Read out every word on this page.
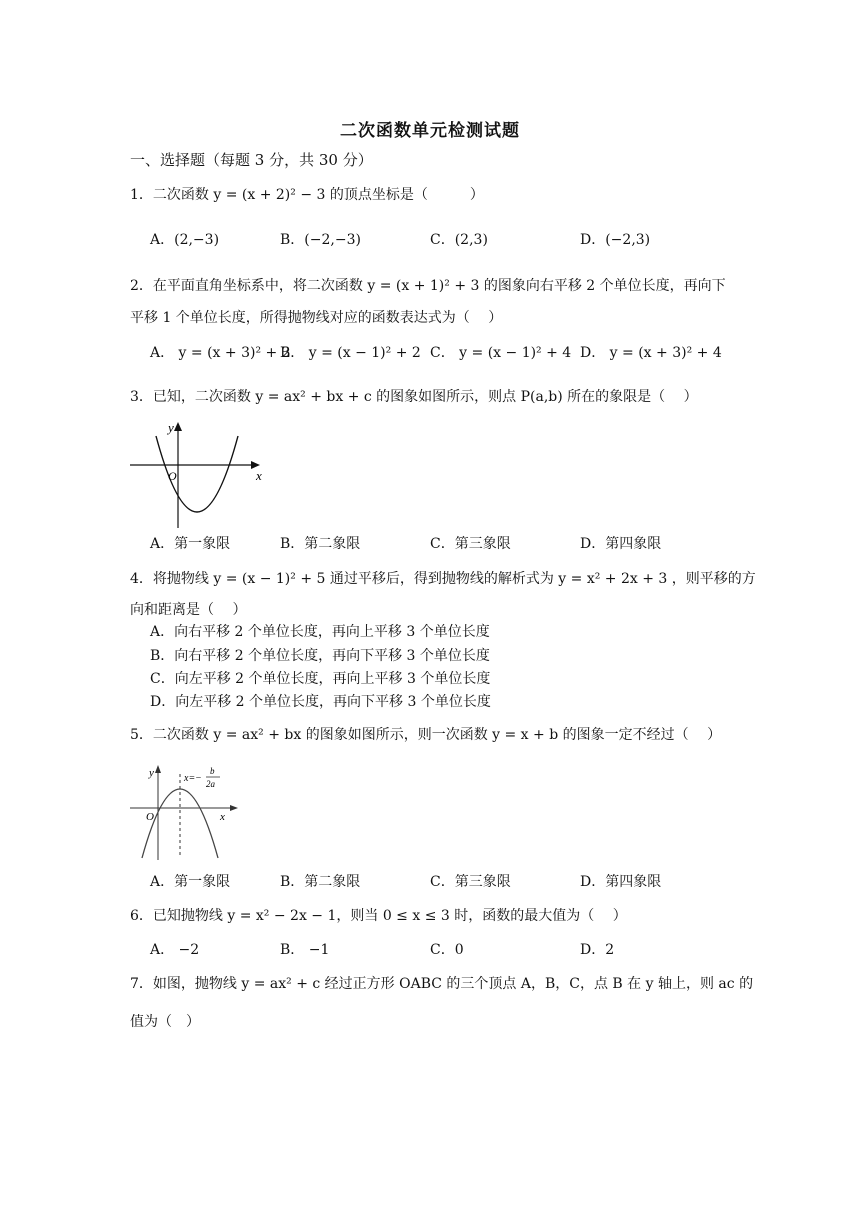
二次函数单元检测试题
一、选择题（每题 3 分，共 30 分）
1．二次函数 y = (x + 2)² − 3 的顶点坐标是（　　　）
A．(2,−3)	B．(−2,−3)	C．(2,3)	D．(−2,3)
2．在平面直角坐标系中，将二次函数 y = (x + 1)² + 3 的图象向右平移 2 个单位长度，再向下
平移 1 个单位长度，所得抛物线对应的函数表达式为（　 ）
A． y = (x + 3)² + 2
B． y = (x − 1)² + 2 C． y = (x − 1)² + 4 D． y = (x + 3)² + 4
3．已知，二次函数 y = ax² + bx + c 的图象如图所示，则点 P(a,b) 所在的象限是（　 ）
y
x
O
A．第一象限	B．第二象限	C．第三象限	D．第四象限
4．将抛物线 y = (x − 1)² + 5 通过平移后，得到抛物线的解析式为 y = x² + 2x + 3 ，则平移的方
向和距离是（　 ）
A．向右平移 2 个单位长度，再向上平移 3 个单位长度
B．向右平移 2 个单位长度，再向下平移 3 个单位长度
C．向左平移 2 个单位长度，再向上平移 3 个单位长度
D．向左平移 2 个单位长度，再向下平移 3 个单位长度
5．二次函数 y = ax² + bx 的图象如图所示，则一次函数 y = x + b 的图象一定不经过（　 ）
y
x
O
x=−
b
2a
A．第一象限	B．第二象限	C．第三象限	D．第四象限
6．已知抛物线 y = x² − 2x − 1，则当 0 ≤ x ≤ 3 时，函数的最大值为（　 ）
A． −2	B． −1	C．0	D．2
7．如图，抛物线 y = ax² + c 经过正方形 OABC 的三个顶点 A，B，C，点 B 在 y 轴上，则 ac 的
值为（　）
